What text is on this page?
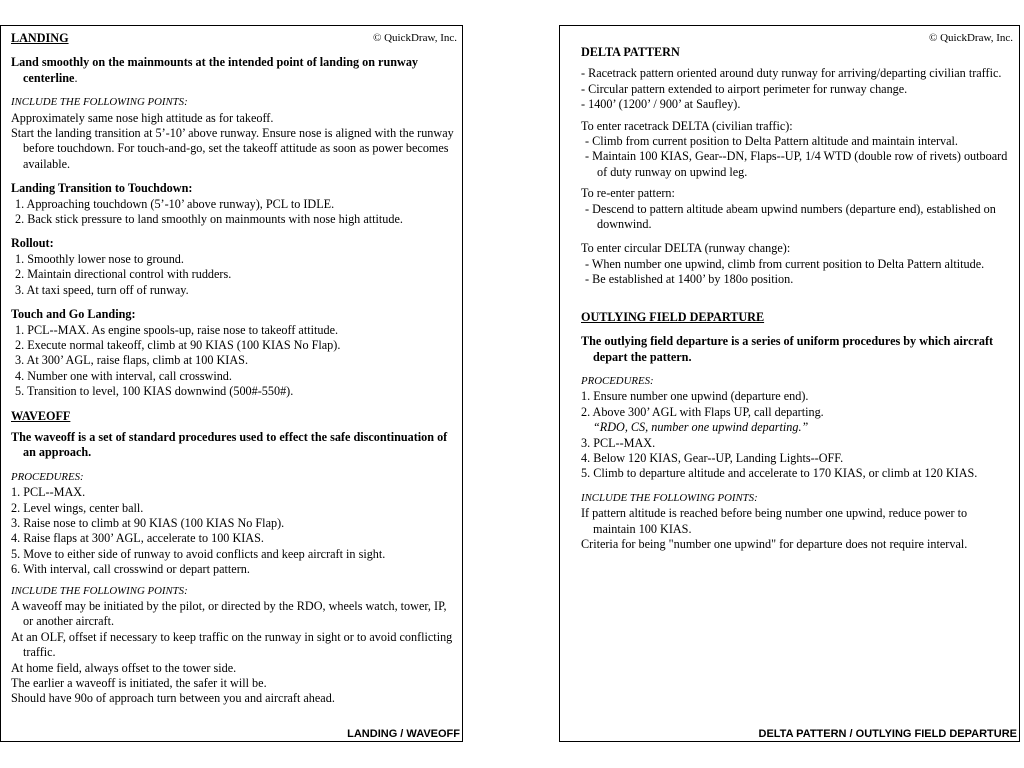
© QuickDraw, Inc.

LANDING

Land smoothly on the mainmounts at the intended point of landing on runway centerline.

INCLUDE THE FOLLOWING POINTS:

Approximately same nose high attitude as for takeoff.

Start the landing transition at 5’-10’ above runway. Ensure nose is aligned with the runway before touchdown. For touch-and-go, set the takeoff attitude as soon as power becomes available.

Landing Transition to Touchdown:

1. Approaching touchdown (5’-10’ above runway), PCL to IDLE.

2. Back stick pressure to land smoothly on mainmounts with nose high attitude.

Rollout:

1. Smoothly lower nose to ground.

2. Maintain directional control with rudders.

3. At taxi speed, turn off of runway.

Touch and Go Landing:

1. PCL--MAX. As engine spools-up, raise nose to takeoff attitude.

2. Execute normal takeoff, climb at 90 KIAS (100 KIAS No Flap).

3. At 300’ AGL, raise flaps, climb at 100 KIAS.

4. Number one with interval, call crosswind.

5. Transition to level, 100 KIAS downwind (500#-550#).

WAVEOFF

The waveoff is a set of standard procedures used to effect the safe discontinuation of an approach.

PROCEDURES:

1. PCL--MAX.

2. Level wings, center ball.

3. Raise nose to climb at 90 KIAS (100 KIAS No Flap).

4. Raise flaps at 300’ AGL, accelerate to 100 KIAS.

5. Move to either side of runway to avoid conflicts and keep aircraft in sight.

6. With interval, call crosswind or depart pattern.

INCLUDE THE FOLLOWING POINTS:

A waveoff may be initiated by the pilot, or directed by the RDO, wheels watch, tower, IP, or another aircraft.

At an OLF, offset if necessary to keep traffic on the runway in sight or to avoid conflicting traffic.

At home field, always offset to the tower side.

The earlier a waveoff is initiated, the safer it will be.

Should have 90o of approach turn between you and aircraft ahead.

LANDING / WAVEOFF
© QuickDraw, Inc.

DELTA PATTERN

- Racetrack pattern oriented around duty runway for arriving/departing civilian traffic.

- Circular pattern extended to airport perimeter for runway change.

- 1400’ (1200’ / 900’ at Saufley).

To enter racetrack DELTA (civilian traffic):

- Climb from current position to Delta Pattern altitude and maintain interval.

- Maintain 100 KIAS, Gear--DN, Flaps--UP, 1/4 WTD (double row of rivets) outboard of duty runway on upwind leg.

To re-enter pattern:

- Descend to pattern altitude abeam upwind numbers (departure end), established on downwind.

To enter circular DELTA (runway change):

- When number one upwind, climb from current position to Delta Pattern altitude.

- Be established at 1400’ by 180o position.

OUTLYING FIELD DEPARTURE

The outlying field departure is a series of uniform procedures by which aircraft depart the pattern.

PROCEDURES:

1. Ensure number one upwind (departure end).

2. Above 300’ AGL with Flaps UP, call departing.

“RDO, CS, number one upwind departing.”

3. PCL--MAX.

4. Below 120 KIAS, Gear--UP, Landing Lights--OFF.

5. Climb to departure altitude and accelerate to 170 KIAS, or climb at 120 KIAS.

INCLUDE THE FOLLOWING POINTS:

If pattern altitude is reached before being number one upwind, reduce power to maintain 100 KIAS.

Criteria for being "number one upwind" for departure does not require interval.

DELTA PATTERN / OUTLYING FIELD DEPARTURE
